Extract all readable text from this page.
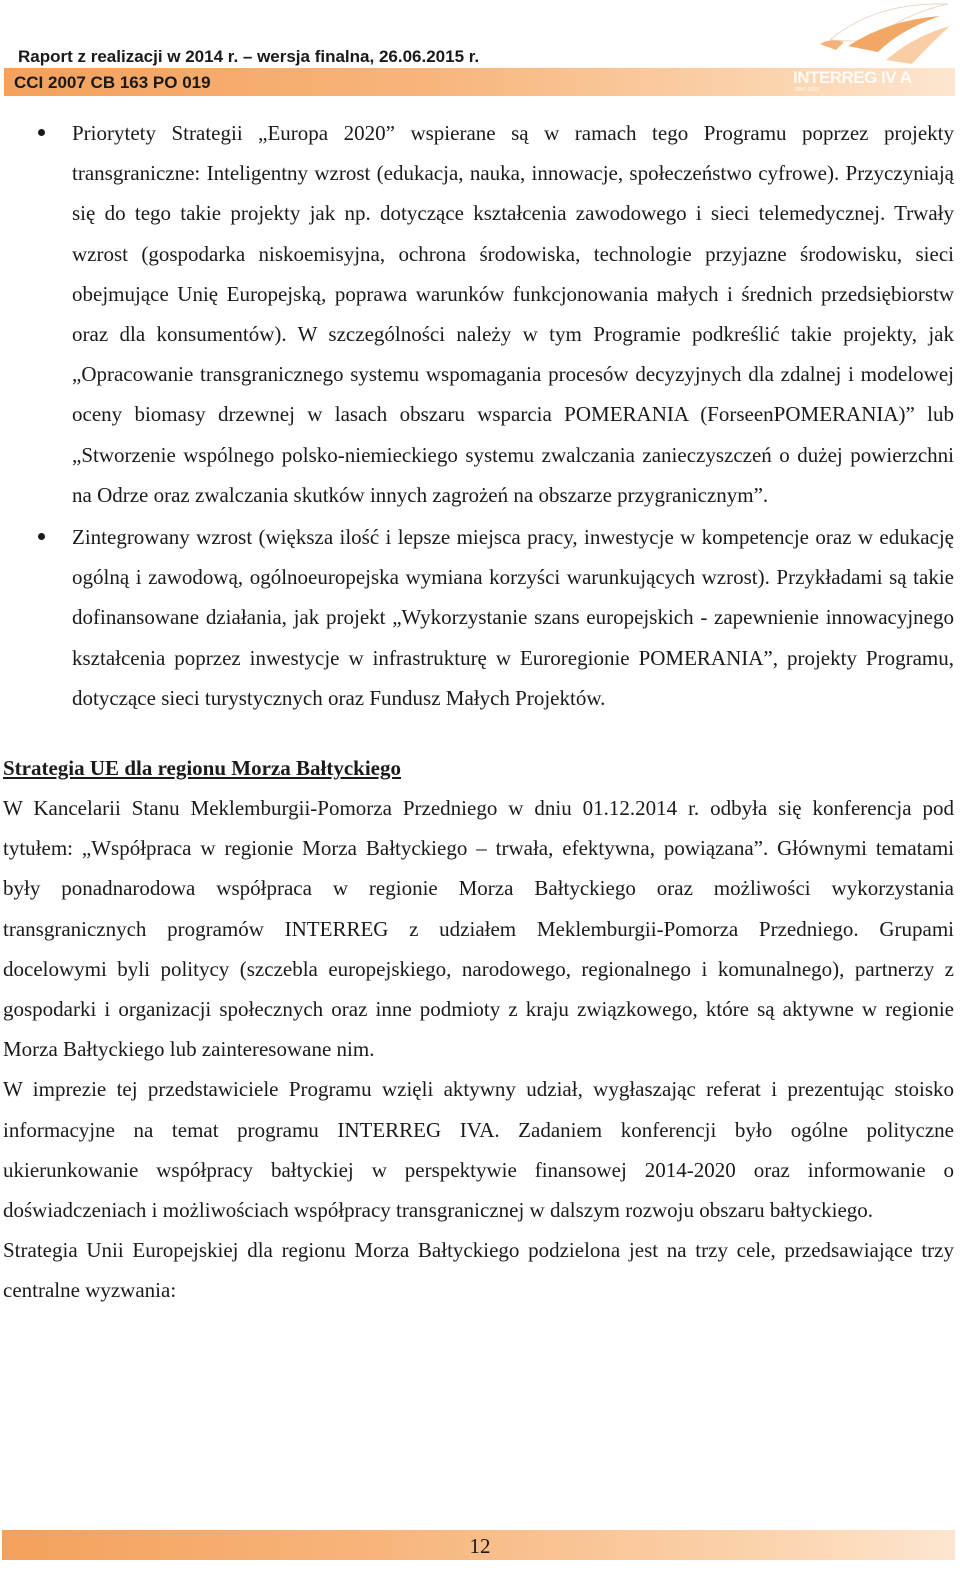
Raport z realizacji w 2014 r. – wersja finalna, 26.06.2015 r.
CCI 2007 CB 163 PO 019	INTERREG IV A
2007-2013
Priorytety Strategii „Europa 2020” wspierane są w ramach tego Programu poprzez projekty transgraniczne: Inteligentny wzrost (edukacja, nauka, innowacje, społeczeństwo cyfrowe). Przyczyniają się do tego takie projekty jak np. dotyczące kształcenia zawodowego i sieci telemedycznej. Trwały wzrost (gospodarka niskoemisyjna, ochrona środowiska, technologie przyjazne środowisku, sieci obejmujące Unię Europejską, poprawa warunków funkcjonowania małych i średnich przedsiębiorstw oraz dla konsumentów). W szczególności należy w tym Programie podkreślić takie projekty, jak „Opracowanie transgranicznego systemu wspomagania procesów decyzyjnych dla zdalnej i modelowej oceny biomasy drzewnej w lasach obszaru wsparcia POMERANIA (ForseenPOMERANIA)” lub „Stworzenie wspólnego polsko-niemieckiego systemu zwalczania zanieczyszczeń o dużej powierzchni na Odrze oraz zwalczania skutków innych zagrożeń na obszarze przygranicznym”.
Zintegrowany wzrost (większa ilość i lepsze miejsca pracy, inwestycje w kompetencje oraz w edukację ogólną i zawodową, ogólnoeuropejska wymiana korzyści warunkujących wzrost). Przykładami są takie dofinansowane działania, jak projekt „Wykorzystanie szans europejskich - zapewnienie innowacyjnego kształcenia poprzez inwestycje w infrastrukturę w Euroregionie POMERANIA”, projekty Programu, dotyczące sieci turystycznych oraz Fundusz Małych Projektów.
Strategia UE dla regionu Morza Bałtyckiego

W Kancelarii Stanu Meklemburgii-Pomorza Przedniego w dniu 01.12.2014 r. odbyła się konferencja pod tytułem: „Współpraca w regionie Morza Bałtyckiego – trwała, efektywna, powiązana”. Głównymi tematami były ponadnarodowa współpraca w regionie Morza Bałtyckiego oraz możliwości wykorzystania transgranicznych programów INTERREG z udziałem Meklemburgii-Pomorza Przedniego. Grupami docelowymi byli politycy (szczebla europejskiego, narodowego, regionalnego i komunalnego), partnerzy z gospodarki i organizacji społecznych oraz inne podmioty z kraju związkowego, które są aktywne w regionie Morza Bałtyckiego lub zainteresowane nim.

W imprezie tej przedstawiciele Programu wzięli aktywny udział, wygłaszając referat i prezentując stoisko informacyjne na temat programu INTERREG IVA. Zadaniem konferencji było ogólne polityczne ukierunkowanie współpracy bałtyckiej w perspektywie finansowej 2014-2020 oraz informowanie o doświadczeniach i możliwościach współpracy transgranicznej w dalszym rozwoju obszaru bałtyckiego.

Strategia Unii Europejskiej dla regionu Morza Bałtyckiego podzielona jest na trzy cele, przedsawiające trzy centralne wyzwania:

12
